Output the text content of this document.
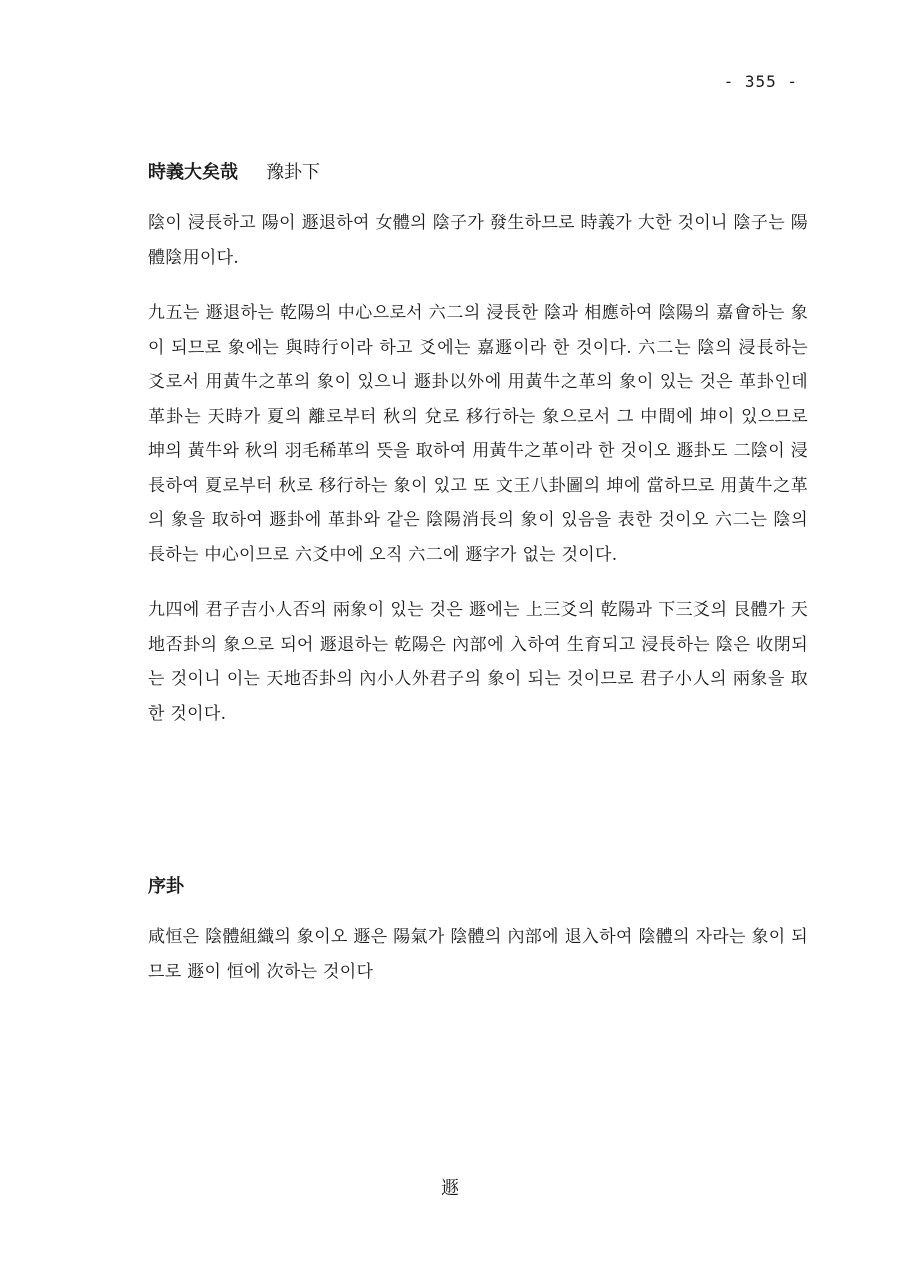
- 355 -
時義大矣哉 豫卦下

陰이 浸長하고 陽이 遯退하여 女體의 陰子가 發生하므로 時義가 大한 것이니 陰子는 陽體陰用이다.

九五는 遯退하는 乾陽의 中心으로서 六二의 浸長한 陰과 相應하여 陰陽의 嘉會하는 象이 되므로 象에는 與時行이라 하고 爻에는 嘉遯이라 한 것이다. 六二는 陰의 浸長하는 爻로서 用黃牛之革의 象이 있으니 遯卦以外에 用黃牛之革의 象이 있는 것은 革卦인데 革卦는 天時가 夏의 離로부터 秋의 兌로 移行하는 象으로서 그 中間에 坤이 있으므로 坤의 黃牛와 秋의 羽毛稀革의 뜻을 取하여 用黃牛之革이라 한 것이오 遯卦도 二陰이 浸長하여 夏로부터 秋로 移行하는 象이 있고 또 文王八卦圖의 坤에 當하므로 用黃牛之革의 象을 取하여 遯卦에 革卦와 같은 陰陽消長의 象이 있음을 表한 것이오 六二는 陰의 長하는 中心이므로 六爻中에 오직 六二에 遯字가 없는 것이다.

九四에 君子吉小人否의 兩象이 있는 것은 遯에는 上三爻의 乾陽과 下三爻의 艮體가 天地否卦의 象으로 되어 遯退하는 乾陽은 內部에 入하여 生育되고 浸長하는 陰은 收閉되는 것이니 이는 天地否卦의 內小人外君子의 象이 되는 것이므로 君子小人의 兩象을 取한 것이다.

序卦

咸恒은 陰體組織의 象이오 遯은 陽氣가 陰體의 內部에 退入하여 陰體의 자라는 象이 되므로 遯이 恒에 次하는 것이다

遯
